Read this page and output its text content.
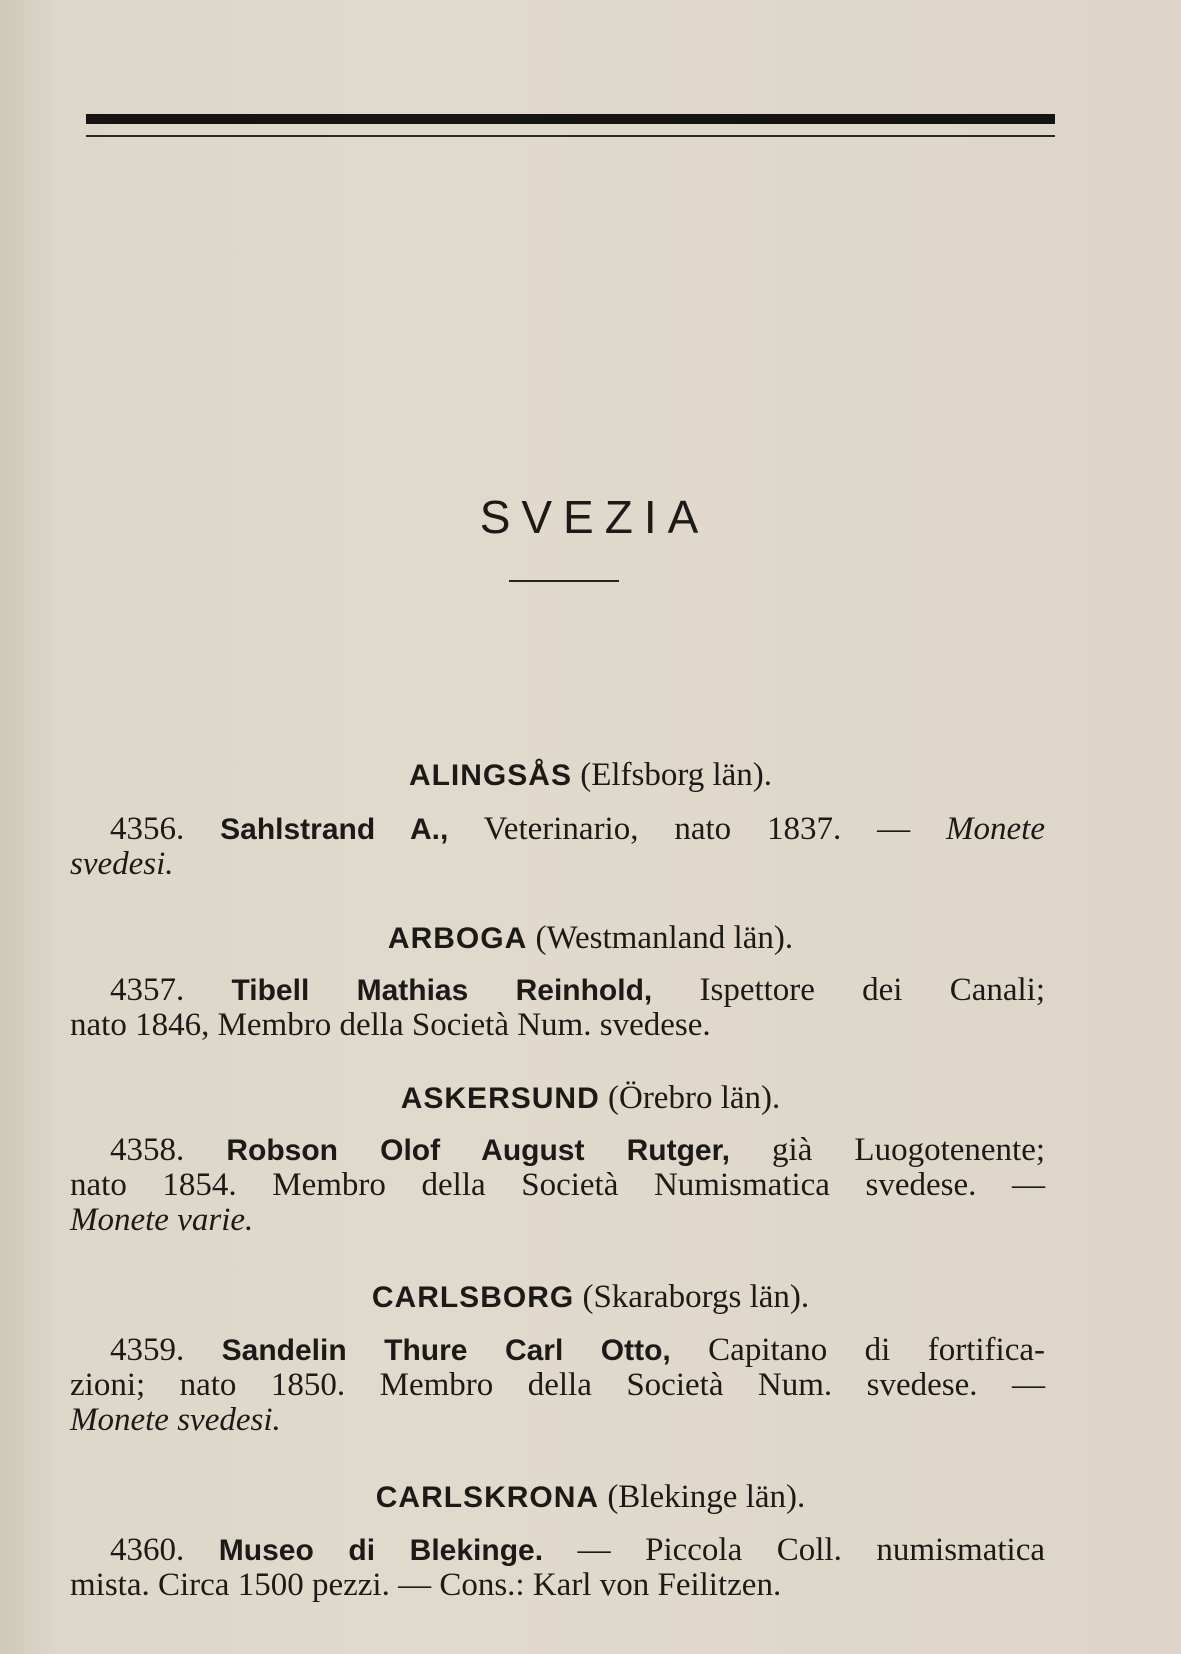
SVEZIA
ALINGSÅS (Elfsborg län).
4356. Sahlstrand A., Veterinario, nato 1837. — Monete
svedesi.
ARBOGA (Westmanland län).
4357. Tibell Mathias Reinhold, Ispettore dei Canali;
nato 1846, Membro della Società Num. svedese.
ASKERSUND (Örebro län).
4358. Robson Olof August Rutger, già Luogotenente;
nato 1854. Membro della Società Numismatica svedese. —
Monete varie.
CARLSBORG (Skaraborgs län).
4359. Sandelin Thure Carl Otto, Capitano di fortifica-
zioni; nato 1850. Membro della Società Num. svedese. —
Monete svedesi.
CARLSKRONA (Blekinge län).
4360. Museo di Blekinge. — Piccola Coll. numismatica
mista. Circa 1500 pezzi. — Cons.: Karl von Feilitzen.
